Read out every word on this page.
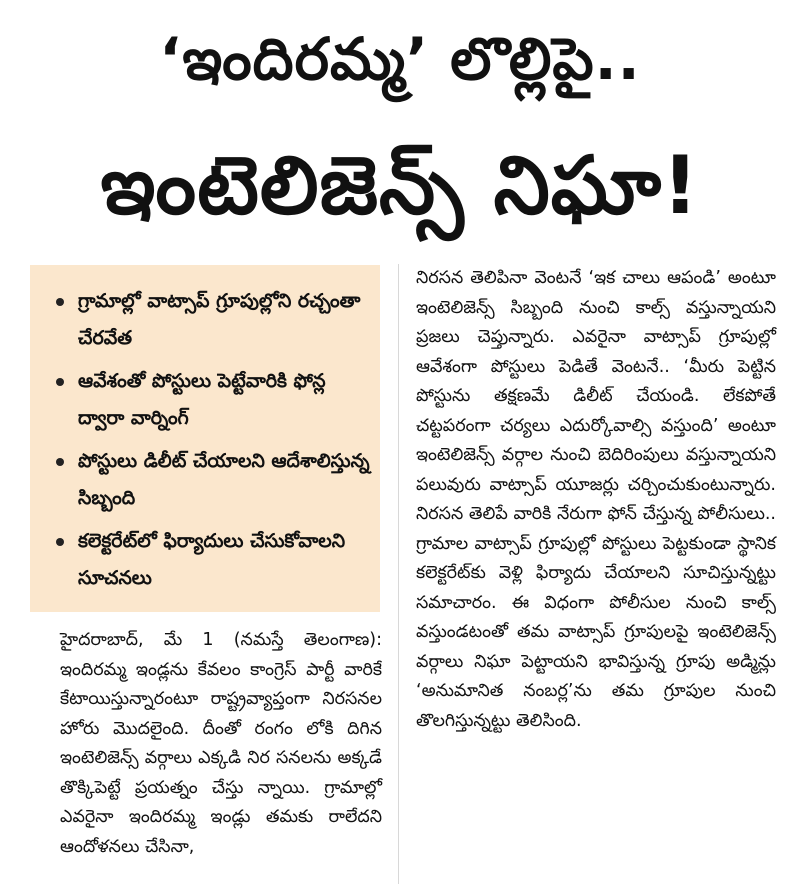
‘ఇందిరమ్మ’ లొల్లిపై..
ఇంటెలిజెన్స్ నిఘా!
గ్రామాల్లో వాట్సాప్ గ్రూపుల్లోని రచ్చంతా చేరవేత
ఆవేశంతో పోస్టులు పెట్టేవారికి ఫోన్ల ద్వారా వార్నింగ్
పోస్టులు డిలీట్ చేయాలని ఆదేశాలిస్తున్న సిబ్బంది
కలెక్టరేట్‌లో ఫిర్యాదులు చేసుకోవాలని సూచనలు

హైదరాబాద్, మే 1 (నమస్తే తెలంగాణ): ఇందిరమ్మ ఇండ్లను కేవలం కాంగ్రెస్ పార్టీ వారికే కేటాయిస్తున్నారంటూ రాష్ట్రవ్యాప్తంగా నిరసనల హోరు మొదలైంది. దీంతో రంగం లోకి దిగిన ఇంటెలిజెన్స్ వర్గాలు ఎక్కడి నిర సనలను అక్కడే తొక్కిపెట్టే ప్రయత్నం చేస్తు న్నాయి. గ్రామాల్లో ఎవరైనా ఇందిరమ్మ ఇండ్లు తమకు రాలేదని ఆందోళనలు చేసినా,

నిరసన తెలిపినా వెంటనే ‘ఇక చాలు ఆపండి’ అంటూ ఇంటెలిజెన్స్ సిబ్బంది నుంచి కాల్స్ వస్తున్నాయని ప్రజలు చెప్తున్నారు. ఎవరైనా వాట్సాప్ గ్రూపుల్లో ఆవేశంగా పోస్టులు పెడితే వెంటనే.. ‘మీరు పెట్టిన పోస్టును తక్షణమే డిలీట్ చేయండి. లేకపోతే చట్టపరంగా చర్యలు ఎదుర్కోవాల్సి వస్తుంది’ అంటూ ఇంటెలిజెన్స్ వర్గాల నుంచి బెదిరింపులు వస్తున్నాయని పలువురు వాట్సాప్ యూజర్లు చర్చించుకుంటున్నారు. నిరసన తెలిపే వారికి నేరుగా ఫోన్ చేస్తున్న పోలీసులు.. గ్రామాల వాట్సాప్ గ్రూపుల్లో పోస్టులు పెట్టకుండా స్థానిక కలెక్టరేట్‌కు వెళ్లి ఫిర్యాదు చేయాలని సూచిస్తున్నట్టు సమాచారం. ఈ విధంగా పోలీసుల నుంచి కాల్స్ వస్తుండటంతో తమ వాట్సాప్ గ్రూపులపై ఇంటెలిజెన్స్ వర్గాలు నిఘా పెట్టాయని భావిస్తున్న గ్రూపు అడ్మిన్లు ‘అనుమానిత నంబర్ల’ను తమ గ్రూపుల నుంచి తొలగిస్తున్నట్టు తెలిసింది.
